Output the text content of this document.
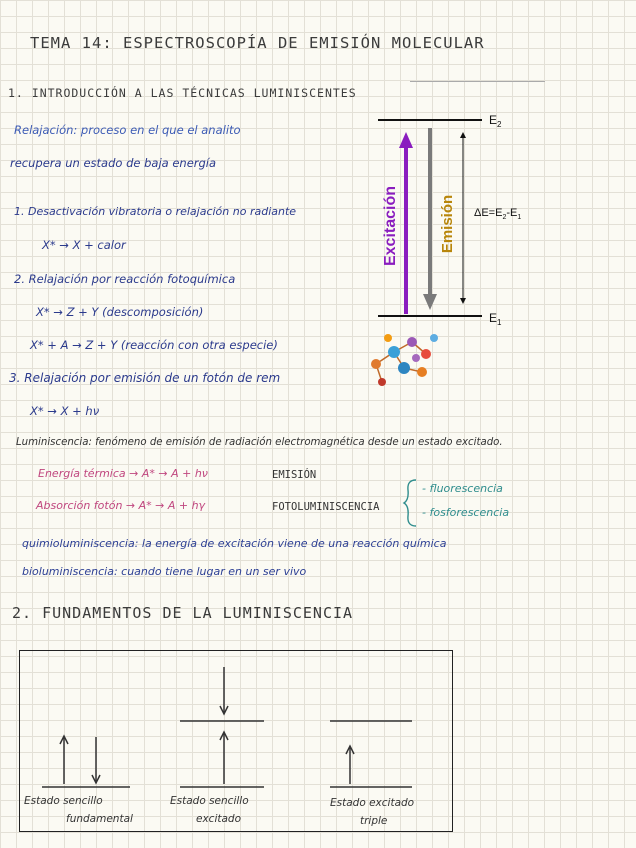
TEMA 14: ESPECTROSCOPÍA DE EMISIÓN MOLECULAR
1. INTRODUCCIÓN A LAS TÉCNICAS LUMINISCENTES
Relajación: proceso en el que el analito
recupera un estado de baja energía
1. Desactivación vibratoria o relajación no radiante
X* → X + calor
2. Relajación por reacción fotoquímica
X* → Z + Y (descomposición)
X* + A → Z + Y (reacción con otra especie)
3. Relajación por emisión de un fotón de rem
X* → X + hν
Luminiscencia: fenómeno de emisión de radiación electromagnética desde un estado excitado.
Energía térmica → A* → A + hν	EMISIÓN
Absorción fotón → A* → A + hγ	FOTOLUMINISCENCIA
- fluorescencia
- fosforescencia
quimioluminiscencia: la energía de excitación viene de una reacción química
bioluminiscencia: cuando tiene lugar en un ser vivo
$E_2$
$E_1$
Excitación	Emisión $\Delta E=E_2-E_1$
2. FUNDAMENTOS DE LA LUMINISCENCIA
Estado sencillo
fundamental
Estado sencillo
excitado
Estado excitado
triple
